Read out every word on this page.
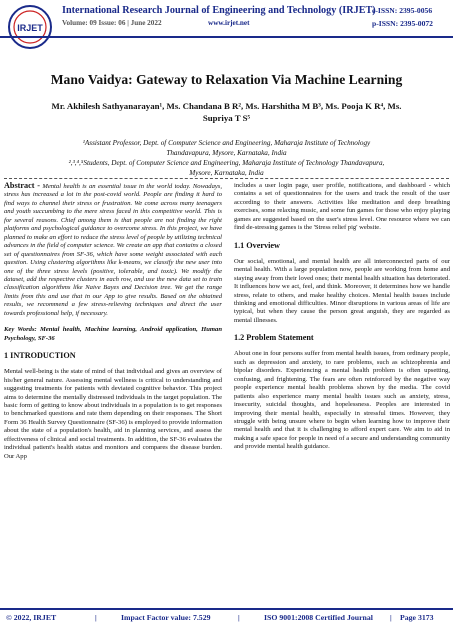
IRJET
International Research Journal of Engineering and Technology (IRJET)
Volume: 09 Issue: 06 | June 2022	www.irjet.net
e-ISSN: 2395-0056
p-ISSN: 2395-0072
Mano Vaidya: Gateway to Relaxation Via Machine Learning
Mr. Akhilesh Sathyanarayan¹, Ms. Chandana B R², Ms. Harshitha M B³, Ms. Pooja K R⁴, Ms.
Supriya T S⁵
¹Assistant Professor, Dept. of Computer Science and Engineering, Maharaja Institute of Technology
Thandavapura, Mysore, Karnataka, India
²,³,⁴,⁵Students, Dept. of Computer Science and Engineering, Maharaja Institute of Technology Thandavapura,
Mysore, Karnataka, India

Abstract - Mental health is an essential issue in the world today. Nowadays, stress has increased a lot in the post-covid world. People are finding it hard to find ways to channel their stress or frustration. We come across many teenagers and youth succumbing to the mere stress faced in this competitive world. This is for several reasons. Chief among them is that people are not finding the right platforms and psychological guidance to overcome stress. In this project, we have planned to make an effort to reduce the stress level of people by utilizing technical advances in the field of computer science. We create an app that contains a closed set of questionnaires from SF-36, which have some weight associated with each question. Using clustering algorithms like k-means, we classify the new user into one of the three stress levels (positive, tolerable, and toxic). We modify the dataset, add the respective clusters in each row, and use the new data set to train classification algorithms like Naive Bayes and Decision tree. We get the range limits from this and use that in our App to give results. Based on the obtained results, we recommend a few stress-relieving techniques and direct the user towards professional help, if necessary.

Key Words: Mental health, Machine learning, Android application, Human Psychology, SF-36

1 INTRODUCTION

Mental well-being is the state of mind of that individual and gives an overview of his/her general nature. Assessing mental wellness is critical to understanding and suggesting treatments for patients with deviated cognitive behavior. This project aims to determine the mentally distressed individuals in the target population. The basic form of getting to know about individuals in a population is to get responses to benchmarked questions and rate them depending on their responses. The Short Form 36 Health Survey Questionnaire (SF-36) is employed to provide information about the state of a population's health, aid in planning services, and assess the effectiveness of clinical and social treatments. In addition, the SF-36 evaluates the individual patient's health status and monitors and compares the disease burden. Our App

includes a user login page, user profile, notifications, and dashboard - which contains a set of questionnaires for the users and track the result of the user according to their answers. Activities like meditation and deep breathing exercises, some relaxing music, and some fun games for those who enjoy playing games are suggested based on the user's stress level. One resource where we can find de-stressing games is the 'Stress relief pig' website.

1.1 Overview

Our social, emotional, and mental health are all interconnected parts of our mental health. With a large population now, people are working from home and staying away from their loved ones; their mental health situation has deteriorated. It influences how we act, feel, and think. Moreover, it determines how we handle stress, relate to others, and make healthy choices. Mental health issues include thinking and emotional difficulties. Minor disruptions in various areas of life are typical, but when they cause the person great anguish, they are regarded as mental illnesses.

1.2 Problem Statement

About one in four persons suffer from mental health issues, from ordinary people, such as depression and anxiety, to rare problems, such as schizophrenia and bipolar disorders. Experiencing a mental health problem is often upsetting, confusing, and frightening. The fears are often reinforced by the negative way people experience mental health problems shown by the media. The covid patients also experience many mental health issues such as anxiety, stress, insecurity, suicidal thoughts, and hopelessness. Peoples are interested in improving their mental health, especially in stressful times. However, they struggle with being unsure where to begin when learning how to improve their mental health and that it is challenging to afford expert care. We aim to aid in making a safe space for people in need of a secure and understanding community and provide mental health guidance.

© 2022, IRJET	|	Impact Factor value: 7.529	|	ISO 9001:2008 Certified Journal | Page 3173
